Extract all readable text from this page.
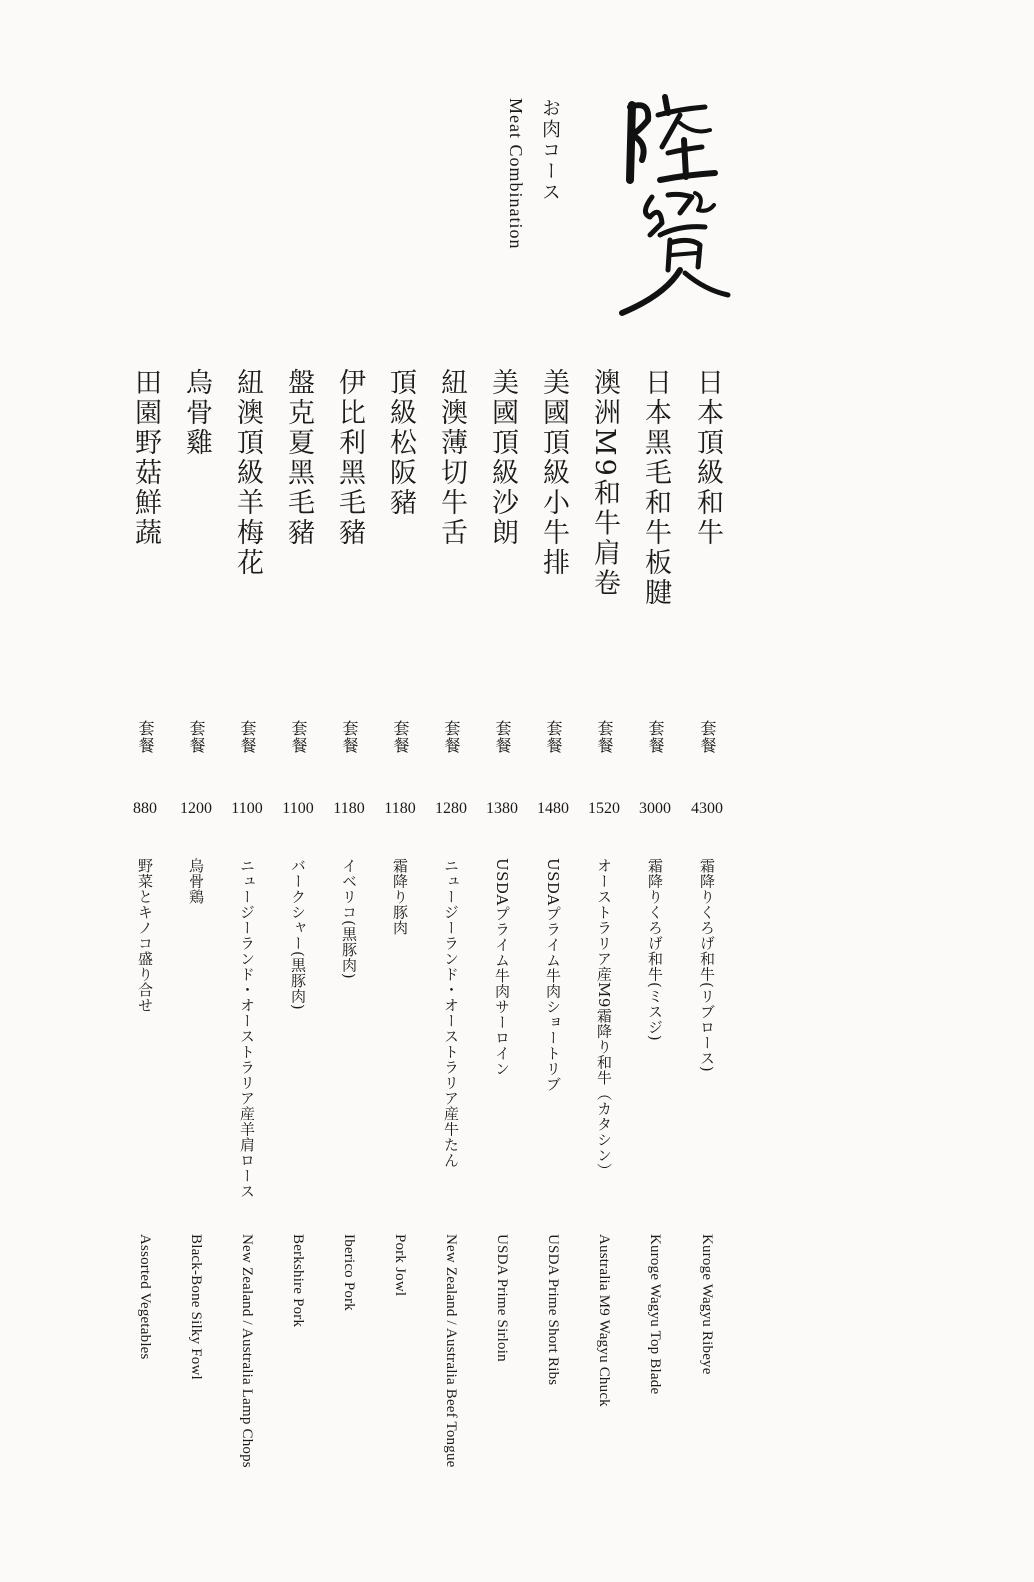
お肉コース
Meat Combination
日本頂級和牛
套餐
4300
霜降りくろげ和牛(リブロース)
Kuroge Wagyu Ribeye
日本黑毛和牛板腱
套餐
3000
霜降りくろげ和牛(ミスジ)
Kuroge Wagyu Top Blade
澳洲M9和牛肩卷
套餐
1520
オーストラリア産M9霜降り和牛（カタシン）
Australia M9 Wagyu Chuck
美國頂級小牛排
套餐
1480
USDAプライム牛肉ショートリブ
USDA Prime Short Ribs
美國頂級沙朗
套餐
1380
USDAプライム牛肉サーロイン
USDA Prime Sirloin
紐澳薄切牛舌
套餐
1280
ニュージーランド・オーストラリア産牛たん
New Zealand / Australia Beef Tongue
頂級松阪豬
套餐
1180
霜降り豚肉
Pork Jowl
伊比利黑毛豬
套餐
1180
イベリコ(黒豚肉)
Iberico Pork
盤克夏黑毛豬
套餐
1100
バークシャー(黒豚肉)
Berkshire Pork
紐澳頂級羊梅花
套餐
1100
ニュージーランド・オーストラリア産羊肩ロース
New Zealand / Australia Lamp Chops
烏骨雞
套餐
1200
烏骨鶏
Black-Bone Silky Fowl
田園野菇鮮蔬
套餐
880
野菜とキノコ盛り合せ
Assorted Vegetables
